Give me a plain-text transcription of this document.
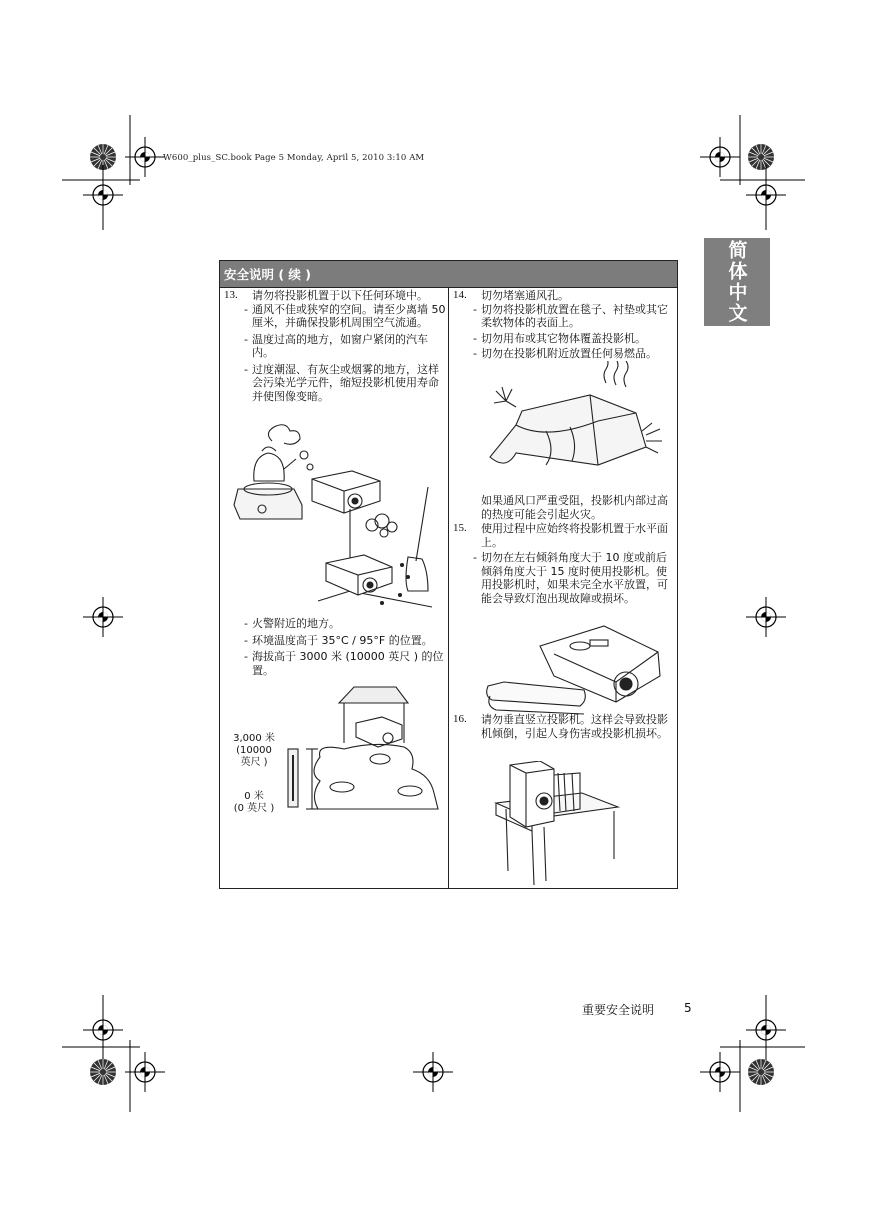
W600_plus_SC.book Page 5 Monday, April 5, 2010 3:10 AM
简体中文
安全说明 ( 续 )
13. 请勿将投影机置于以下任何环境中。
- 通风不佳或狭窄的空间。请至少离墙 50 厘米，并确保投影机周围空气流通。
- 温度过高的地方，如窗户紧闭的汽车内。
- 过度潮湿、有灰尘或烟雾的地方，这样会污染光学元件，缩短投影机使用寿命并使图像变暗。
- 火警附近的地方。
- 环境温度高于 35°C / 95°F 的位置。
- 海拔高于 3000 米 (10000 英尺 ) 的位置。
3,000 米
(10000
英尺 )
0 米
(0 英尺 )
14. 切勿堵塞通风孔。
- 切勿将投影机放置在毯子、衬垫或其它柔软物体的表面上。
- 切勿用布或其它物体覆盖投影机。
- 切勿在投影机附近放置任何易燃品。
如果通风口严重受阻，投影机内部过高的热度可能会引起火灾。
15. 使用过程中应始终将投影机置于水平面上。
- 切勿在左右倾斜角度大于 10 度或前后倾斜角度大于 15 度时使用投影机。使用投影机时，如果未完全水平放置，可能会导致灯泡出现故障或损坏。
16. 请勿垂直竖立投影机。这样会导致投影机倾倒，引起人身伤害或投影机损坏。
重要安全说明 5
